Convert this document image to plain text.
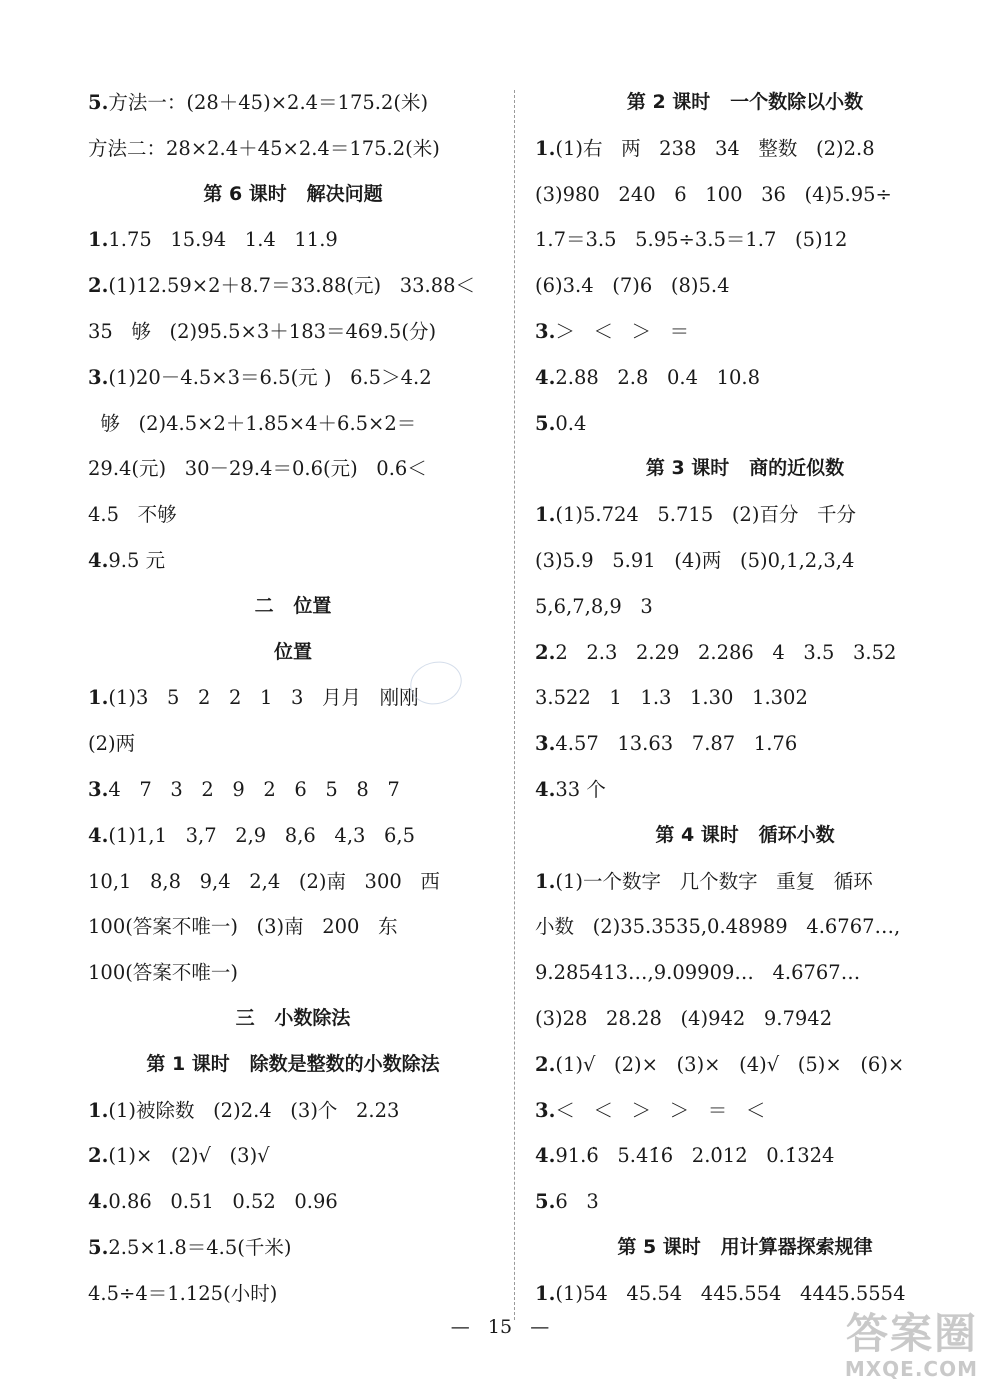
5.方法一：(28＋45)×2.4＝175.2(米)
方法二：28×2.4＋45×2.4＝175.2(米)
第 6 课时   解决问题
1.1.75   15.94   1.4   11.9
2.(1)12.59×2＋8.7＝33.88(元)   33.88＜
35   够   (2)95.5×3＋183＝469.5(分)
3.(1)20－4.5×3＝6.5(元 )   6.5＞4.2
够   (2)4.5×2＋1.85×4＋6.5×2＝
29.4(元)   30－29.4＝0.6(元)   0.6＜
4.5   不够
4.9.5 元
二   位置
位置
1.(1)3   5   2   2   1   3   月月   刚刚
(2)两
3.4   7   3   2   9   2   6   5   8   7
4.(1)1,1   3,7   2,9   8,6   4,3   6,5
10,1   8,8   9,4   2,4   (2)南   300   西
100(答案不唯一)   (3)南   200   东
100(答案不唯一)
三   小数除法
第 1 课时   除数是整数的小数除法
1.(1)被除数   (2)2.4   (3)个   2.23
2.(1)×   (2)√   (3)√
4.0.86   0.51   0.52   0.96
5.2.5×1.8＝4.5(千米)
4.5÷4＝1.125(小时)
第 2 课时   一个数除以小数
1.(1)右   两   238   34   整数   (2)2.8
(3)980   240   6   100   36   (4)5.95÷
1.7＝3.5   5.95÷3.5＝1.7   (5)12
(6)3.4   (7)6   (8)5.4
3.＞   ＜   ＞   ＝
4.2.88   2.8   0.4   10.8
5.0.4
第 3 课时   商的近似数
1.(1)5.724   5.715   (2)百分   千分
(3)5.9   5.91   (4)两   (5)0,1,2,3,4
5,6,7,8,9   3
2.2   2.3   2.29   2.286   4   3.5   3.52
3.522   1   1.3   1.30   1.302
3.4.57   13.63   7.87   1.76
4.33 个
第 4 课时   循环小数
1.(1)一个数字   几个数字   重复   循环
小数   (2)35.3535,0.48989   4.6767…,
9.285413…,9.09909…   4.6767…
(3)28   28.2̇8̇   (4)942   9.79̇42̇
2.(1)√   (2)×   (3)×   (4)√   (5)×   (6)×
3.＜   ＜   ＞   ＞   ＝   ＜
4.91.6̇   5.41̇6̇   2.0̇12̇   0.1̇32̇4̇
5.6   3
第 5 课时   用计算器探索规律
1.(1)54   45.54   445.554   4445.5554
—   15   —	答案圈
MXQE.COM
